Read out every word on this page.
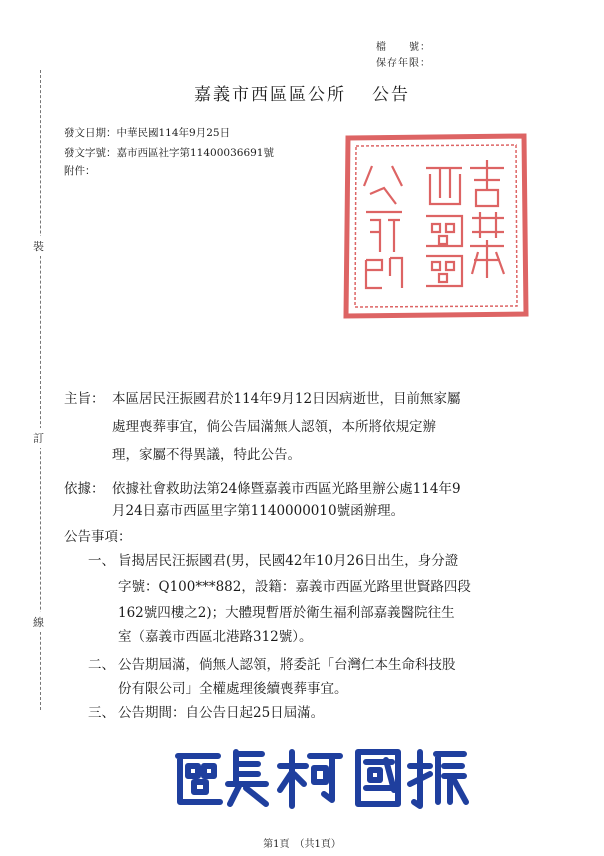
檔　　號：
保存年限：
裝
訂
線
嘉義市西區區公所 公告
發文日期：中華民國114年9月25日
發文字號：嘉市西區社字第11400036691號
附件：
主旨： 本區居民汪振國君於114年9月12日因病逝世，目前無家屬
處理喪葬事宜，倘公告屆滿無人認領，本所將依規定辦
理，家屬不得異議，特此公告。
依據： 依據社會救助法第24條暨嘉義市西區光路里辦公處114年9
月24日嘉市西區里字第1140000010號函辦理。
公告事項：
一、 旨揭居民汪振國君(男，民國42年10月26日出生，身分證
字號：Q100***882，設籍：嘉義市西區光路里世賢路四段
162號四樓之2)；大體現暫厝於衛生福利部嘉義醫院往生
室（嘉義市西區北港路312號）。
二、 公告期屆滿，倘無人認領，將委託「台灣仁本生命科技股
份有限公司」全權處理後續喪葬事宜。
三、 公告期間：自公告日起25日屆滿。
第1頁　（共1頁）
